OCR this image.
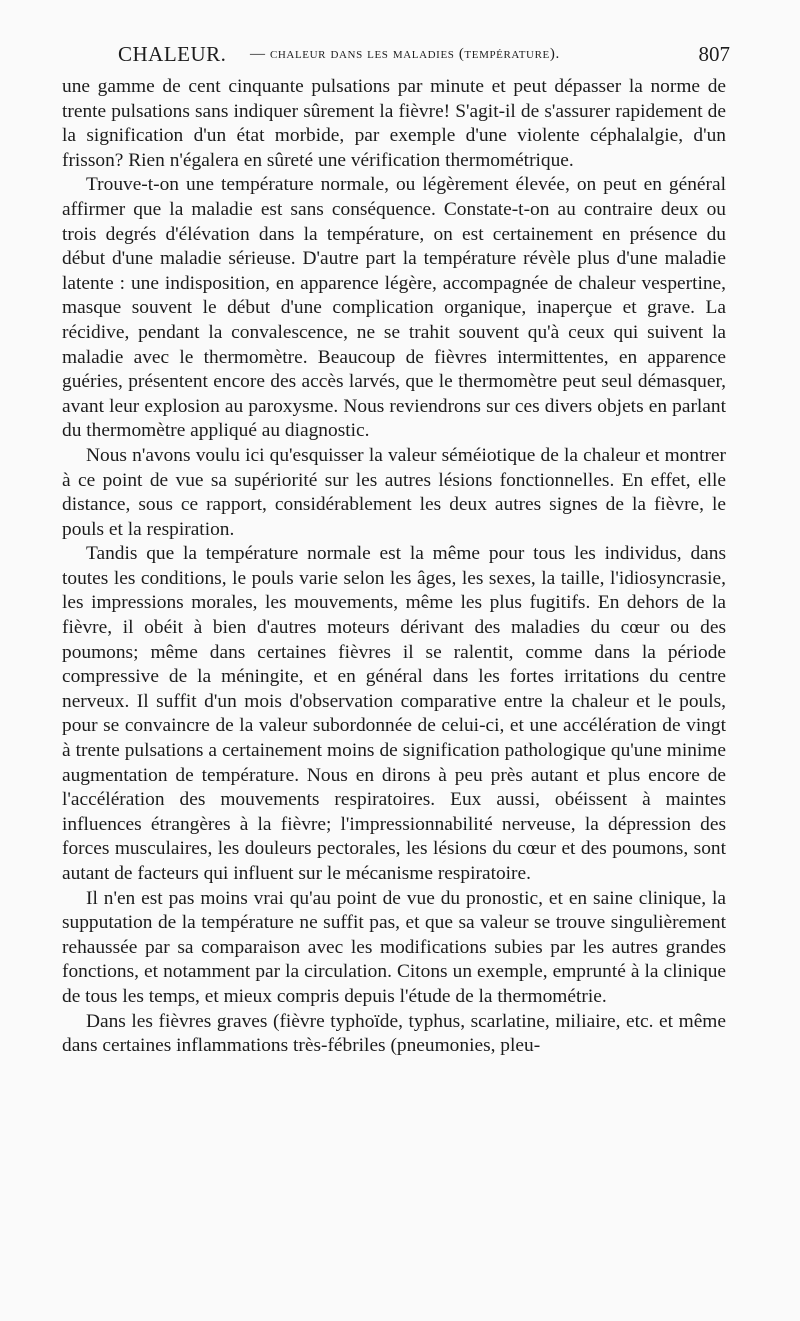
CHALEUR. — chaleur dans les maladies (température).	807

une gamme de cent cinquante pulsations par minute et peut dépasser la norme de trente pulsations sans indiquer sûrement la fièvre! S'agit-il de s'assurer rapidement de la signification d'un état morbide, par exemple d'une violente céphalalgie, d'un frisson? Rien n'égalera en sûreté une vérification thermométrique.

Trouve-t-on une température normale, ou légèrement élevée, on peut en général affirmer que la maladie est sans conséquence. Constate-t-on au contraire deux ou trois degrés d'élévation dans la température, on est certainement en présence du début d'une maladie sérieuse. D'autre part la température révèle plus d'une maladie latente : une indisposition, en apparence légère, accompagnée de chaleur vespertine, masque souvent le début d'une complication organique, inaperçue et grave. La récidive, pendant la convalescence, ne se trahit souvent qu'à ceux qui suivent la maladie avec le thermomètre. Beaucoup de fièvres intermittentes, en apparence guéries, présentent encore des accès larvés, que le thermomètre peut seul démasquer, avant leur explosion au paroxysme. Nous reviendrons sur ces divers objets en parlant du thermomètre appliqué au diagnostic.

Nous n'avons voulu ici qu'esquisser la valeur séméiotique de la chaleur et montrer à ce point de vue sa supériorité sur les autres lésions fonctionnelles. En effet, elle distance, sous ce rapport, considérablement les deux autres signes de la fièvre, le pouls et la respiration.

Tandis que la température normale est la même pour tous les individus, dans toutes les conditions, le pouls varie selon les âges, les sexes, la taille, l'idiosyncrasie, les impressions morales, les mouvements, même les plus fugitifs. En dehors de la fièvre, il obéit à bien d'autres moteurs dérivant des maladies du cœur ou des poumons; même dans certaines fièvres il se ralentit, comme dans la période compressive de la méningite, et en général dans les fortes irritations du centre nerveux. Il suffit d'un mois d'observation comparative entre la chaleur et le pouls, pour se convaincre de la valeur subordonnée de celui-ci, et une accélération de vingt à trente pulsations a certainement moins de signification pathologique qu'une minime augmentation de température. Nous en dirons à peu près autant et plus encore de l'accélération des mouvements respiratoires. Eux aussi, obéissent à maintes influences étrangères à la fièvre; l'impressionnabilité nerveuse, la dépression des forces musculaires, les douleurs pectorales, les lésions du cœur et des poumons, sont autant de facteurs qui influent sur le mécanisme respiratoire.

Il n'en est pas moins vrai qu'au point de vue du pronostic, et en saine clinique, la supputation de la température ne suffit pas, et que sa valeur se trouve singulièrement rehaussée par sa comparaison avec les modifications subies par les autres grandes fonctions, et notamment par la circulation. Citons un exemple, emprunté à la clinique de tous les temps, et mieux compris depuis l'étude de la thermométrie.

Dans les fièvres graves (fièvre typhoïde, typhus, scarlatine, miliaire, etc. et même dans certaines inflammations très-fébriles (pneumonies, pleu-
